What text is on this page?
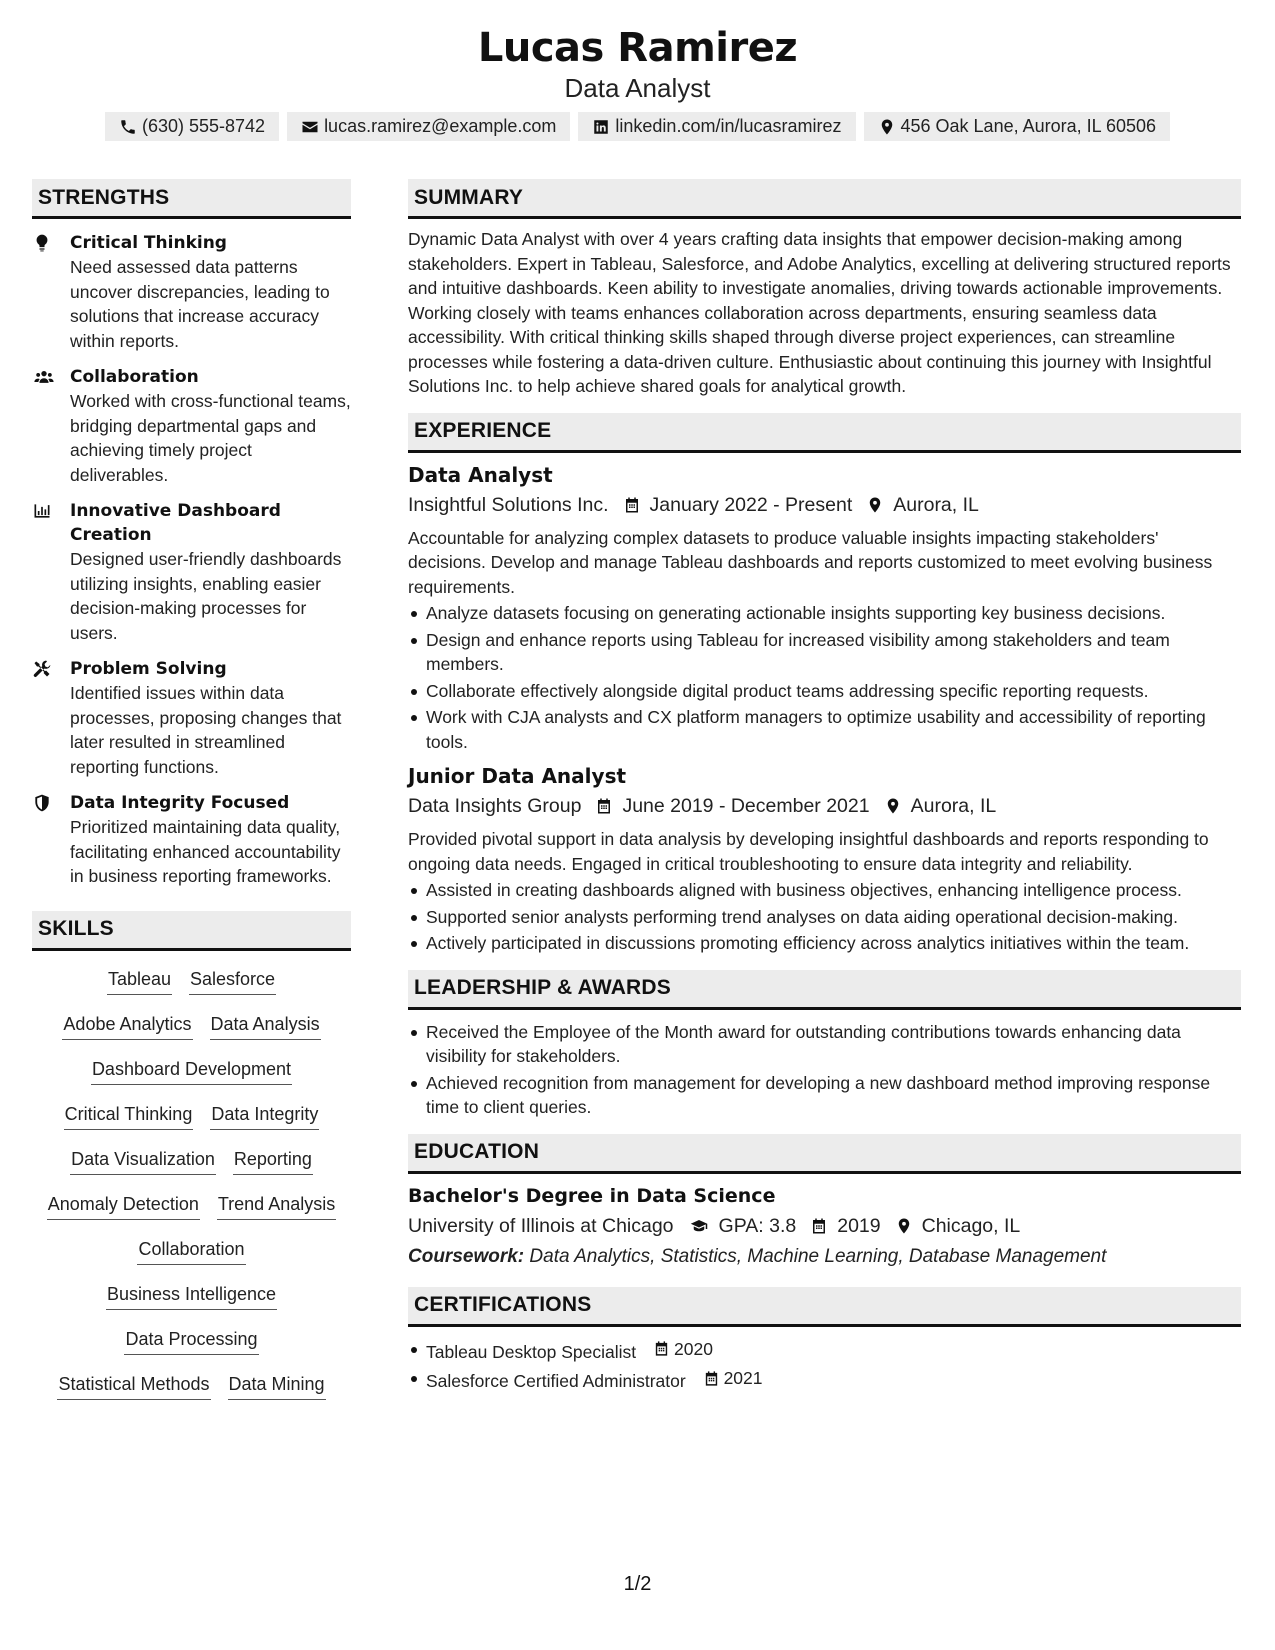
Lucas Ramirez
Data Analyst
(630) 555-8742	lucas.ramirez@example.com	linkedin.com/in/lucasramirez	456 Oak Lane, Aurora, IL 60506
STRENGTHS
Critical Thinking
Need assessed data patterns uncover discrepancies, leading to solutions that increase accuracy within reports.
Collaboration
Worked with cross-functional teams, bridging departmental gaps and achieving timely project deliverables.
Innovative Dashboard Creation
Designed user-friendly dashboards utilizing insights, enabling easier decision-making processes for users.
Problem Solving
Identified issues within data processes, proposing changes that later resulted in streamlined reporting functions.
Data Integrity Focused
Prioritized maintaining data quality, facilitating enhanced accountability in business reporting frameworks.
SKILLS
Tableau Salesforce
Adobe Analytics Data Analysis
Dashboard Development
Critical Thinking Data Integrity
Data Visualization Reporting
Anomaly Detection Trend Analysis
Collaboration
Business Intelligence
Data Processing
Statistical Methods Data Mining
SUMMARY
Dynamic Data Analyst with over 4 years crafting data insights that empower decision-making among stakeholders. Expert in Tableau, Salesforce, and Adobe Analytics, excelling at delivering structured reports and intuitive dashboards. Keen ability to investigate anomalies, driving towards actionable improvements. Working closely with teams enhances collaboration across departments, ensuring seamless data accessibility. With critical thinking skills shaped through diverse project experiences, can streamline processes while fostering a data-driven culture. Enthusiastic about continuing this journey with Insightful Solutions Inc. to help achieve shared goals for analytical growth.
EXPERIENCE
Data Analyst
Insightful Solutions Inc. January 2022 - Present Aurora, IL
Accountable for analyzing complex datasets to produce valuable insights impacting stakeholders' decisions. Develop and manage Tableau dashboards and reports customized to meet evolving business requirements.
Analyze datasets focusing on generating actionable insights supporting key business decisions.
Design and enhance reports using Tableau for increased visibility among stakeholders and team members.
Collaborate effectively alongside digital product teams addressing specific reporting requests.
Work with CJA analysts and CX platform managers to optimize usability and accessibility of reporting tools.
Junior Data Analyst
Data Insights Group June 2019 - December 2021 Aurora, IL
Provided pivotal support in data analysis by developing insightful dashboards and reports responding to ongoing data needs. Engaged in critical troubleshooting to ensure data integrity and reliability.
Assisted in creating dashboards aligned with business objectives, enhancing intelligence process.
Supported senior analysts performing trend analyses on data aiding operational decision-making.
Actively participated in discussions promoting efficiency across analytics initiatives within the team.
LEADERSHIP & AWARDS
Received the Employee of the Month award for outstanding contributions towards enhancing data visibility for stakeholders.
Achieved recognition from management for developing a new dashboard method improving response time to client queries.
EDUCATION
Bachelor's Degree in Data Science
University of Illinois at Chicago GPA: 3.8 2019 Chicago, IL
Coursework: Data Analytics, Statistics, Machine Learning, Database Management
CERTIFICATIONS
Tableau Desktop Specialist 2020
Salesforce Certified Administrator 2021
1/2
